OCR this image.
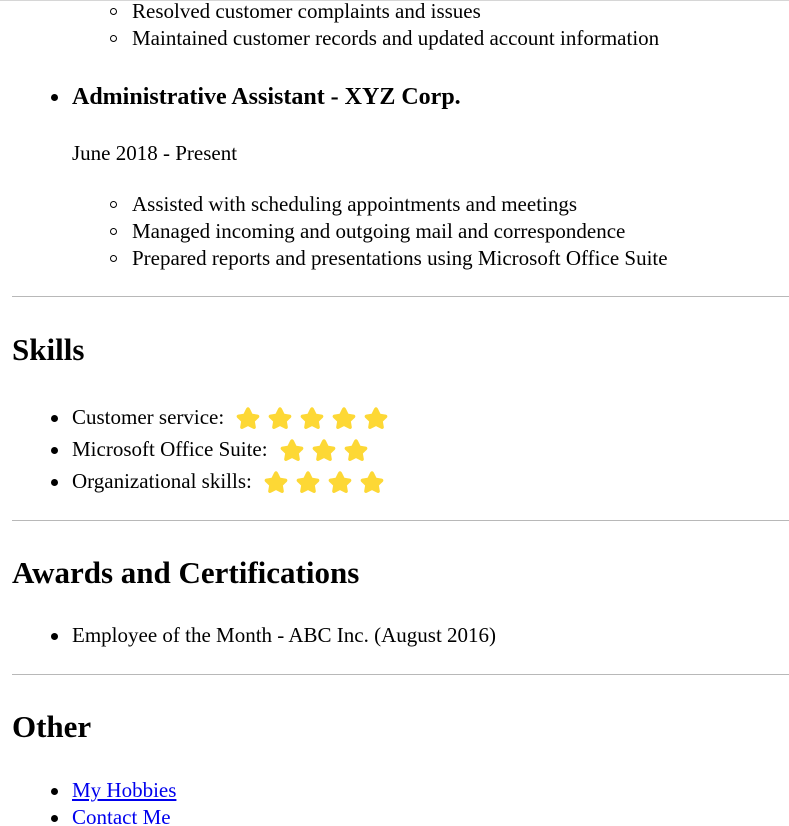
Resolved customer complaints and issues
Maintained customer records and updated account information
Administrative Assistant - XYZ Corp.
June 2018 - Present
Assisted with scheduling appointments and meetings
Managed incoming and outgoing mail and correspondence
Prepared reports and presentations using Microsoft Office Suite
Skills
Customer service:
Microsoft Office Suite:
Organizational skills:
Awards and Certifications
Employee of the Month - ABC Inc. (August 2016)
Other
My Hobbies
Contact Me
